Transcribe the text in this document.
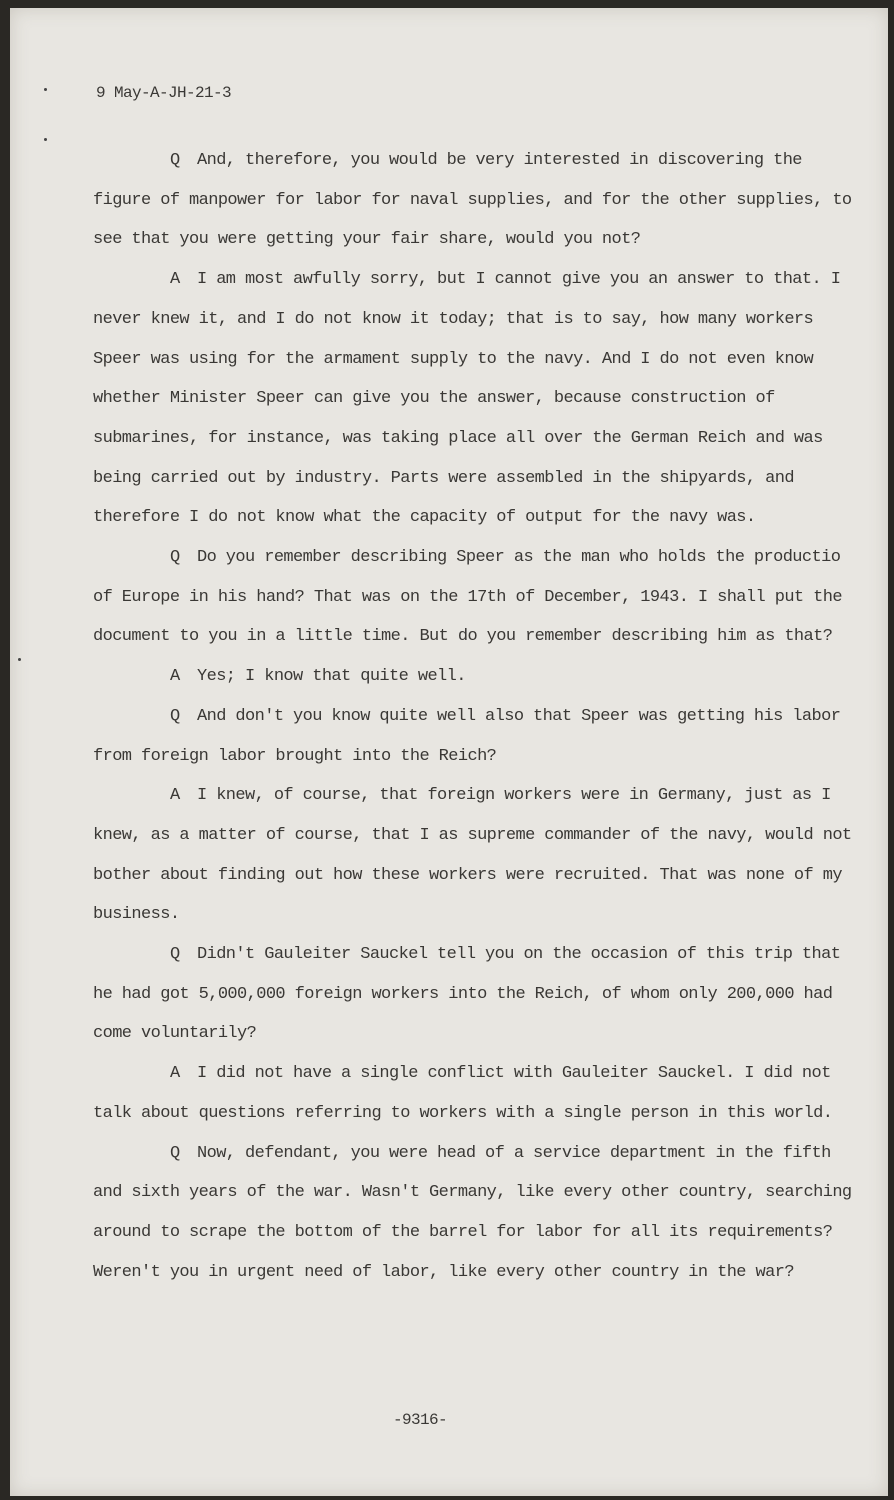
9 May-A-JH-21-3

Q And, therefore, you would be very interested in discovering the figure of manpower for labor for naval supplies, and for the other supplies, to see that you were getting your fair share, would you not?

A I am most awfully sorry, but I cannot give you an answer to that. I never knew it, and I do not know it today; that is to say, how many workers Speer was using for the armament supply to the navy. And I do not even know whether Minister Speer can give you the answer, because construction of submarines, for instance, was taking place all over the German Reich and was being carried out by industry. Parts were assembled in the shipyards, and therefore I do not know what the capacity of output for the navy was.

Q Do you remember describing Speer as the man who holds the productio of Europe in his hand? That was on the 17th of December, 1943. I shall put the document to you in a little time. But do you remember describing him as that?

A Yes; I know that quite well.

Q And don't you know quite well also that Speer was getting his labor from foreign labor brought into the Reich?

A I knew, of course, that foreign workers were in Germany, just as I knew, as a matter of course, that I as supreme commander of the navy, would not bother about finding out how these workers were recruited. That was none of my business.

Q Didn't Gauleiter Sauckel tell you on the occasion of this trip that he had got 5,000,000 foreign workers into the Reich, of whom only 200,000 had come voluntarily?

A I did not have a single conflict with Gauleiter Sauckel. I did not talk about questions referring to workers with a single person in this world.

Q Now, defendant, you were head of a service department in the fifth and sixth years of the war. Wasn't Germany, like every other country, searching around to scrape the bottom of the barrel for labor for all its requirements? Weren't you in urgent need of labor, like every other country in the war?

-9316-
